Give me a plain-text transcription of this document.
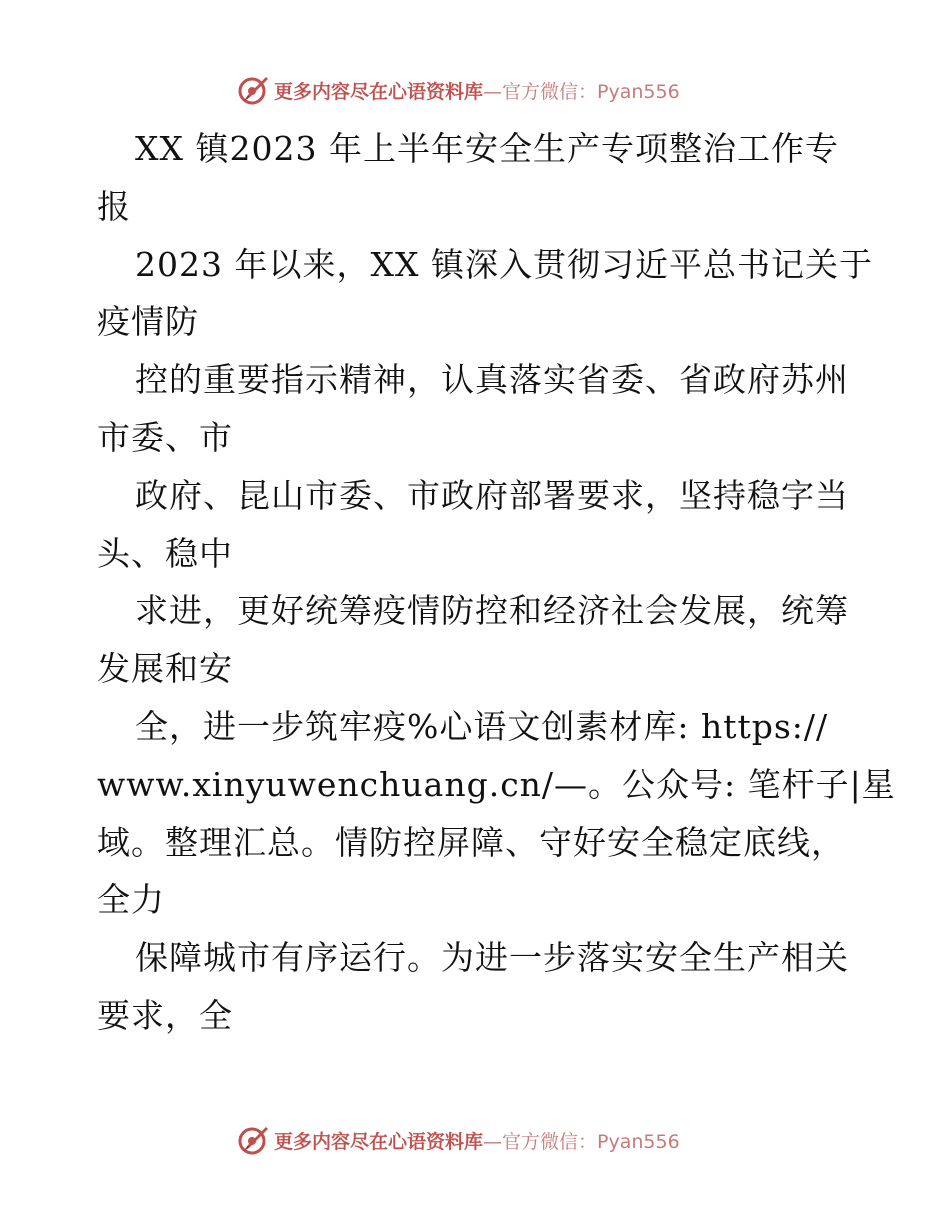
更多内容尽在心语资料库—官方微信：Pyan556
XX 镇2023 年上半年安全生产专项整治工作专
报
2023 年以来，XX 镇深入贯彻习近平总书记关于
疫情防
控的重要指示精神，认真落实省委、省政府苏州
市委、市
政府、昆山市委、市政府部署要求，坚持稳字当
头、稳中
求进，更好统筹疫情防控和经济社会发展，统筹
发展和安
全，进一步筑牢疫%心语文创素材库: https://
www.xinyuwenchuang.cn/—。公众号: 笔杆子|星
域。整理汇总。情防控屏障、守好安全稳定底线，
全力
保障城市有序运行。为进一步落实安全生产相关
要求，全
更多内容尽在心语资料库—官方微信：Pyan556
